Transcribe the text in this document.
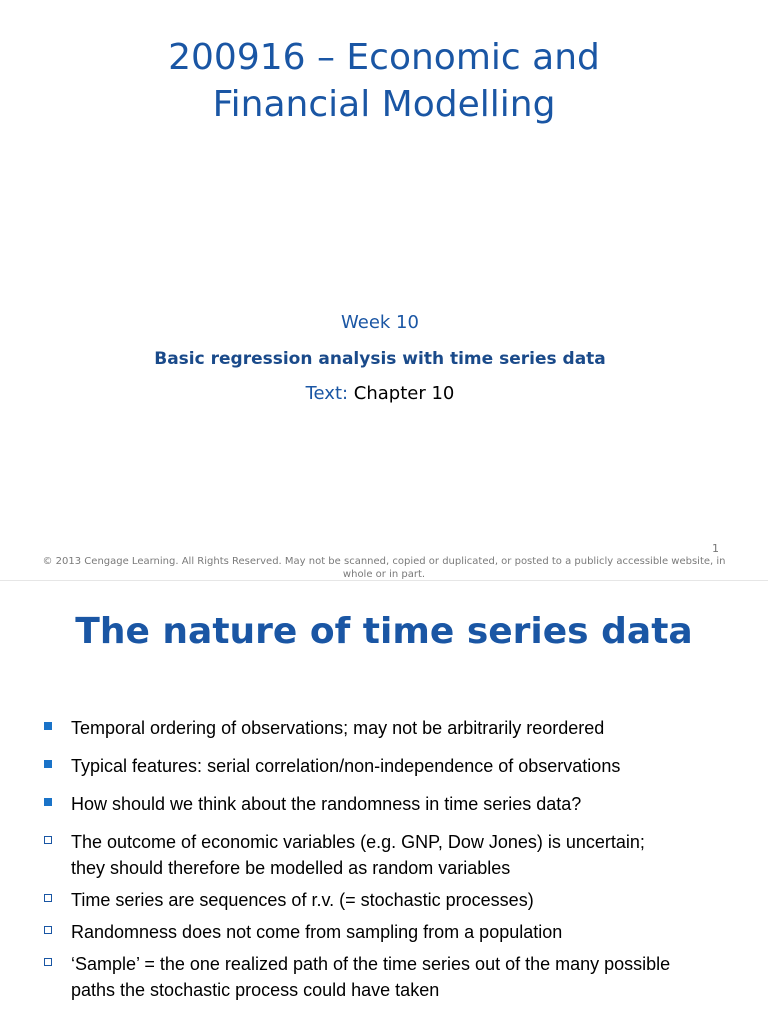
200916 – Economic and
Financial Modelling
Week 10
Basic regression analysis with time series data
Text: Chapter 10
1
© 2013 Cengage Learning. All Rights Reserved. May not be scanned, copied or duplicated, or posted to a publicly accessible website, in
whole or in part.
The nature of time series data
Temporal ordering of observations; may not be arbitrarily reordered
Typical features: serial correlation/non-independence of observations
How should we think about the randomness in time series data?
The outcome of economic variables (e.g. GNP, Dow Jones) is uncertain;
they should therefore be modelled as random variables
Time series are sequences of r.v. (= stochastic processes)
Randomness does not come from sampling from a population
‘Sample’ = the one realized path of the time series out of the many possible
paths the stochastic process could have taken
